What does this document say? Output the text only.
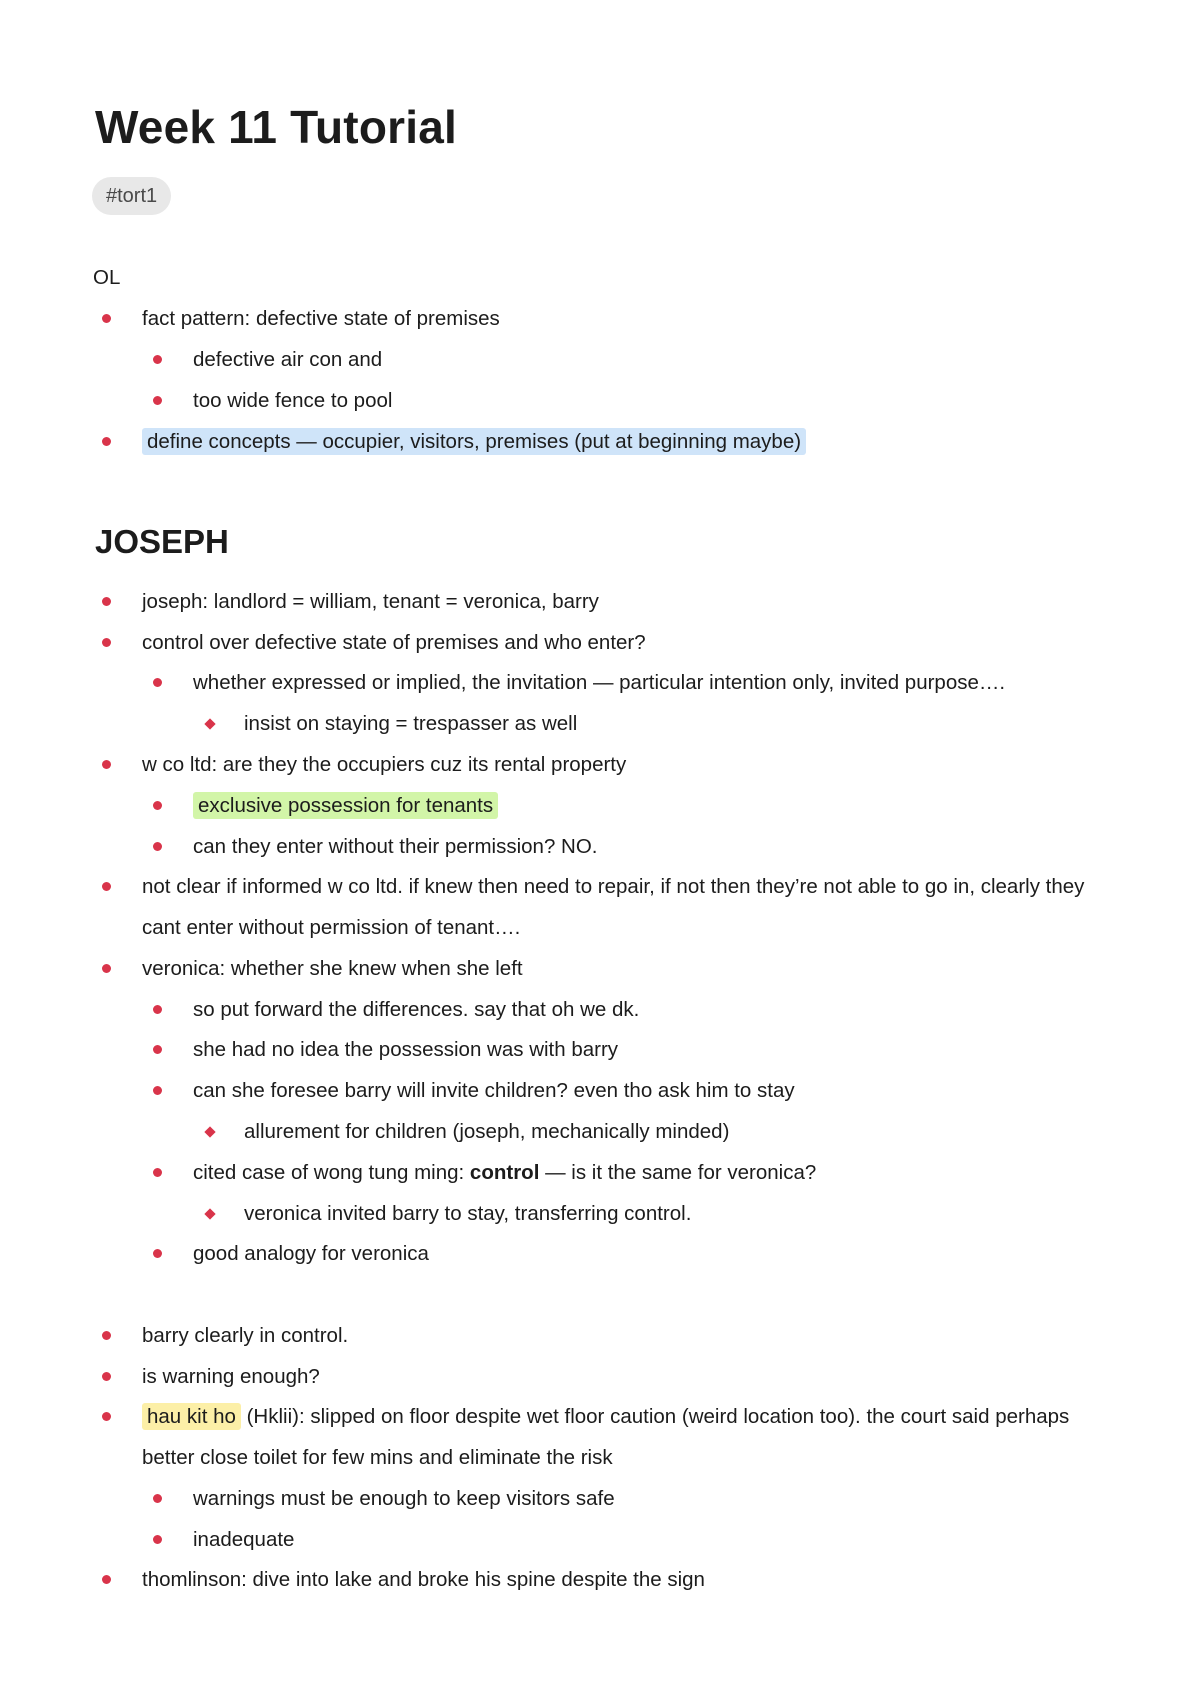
Week 11 Tutorial
#tort1
OL
fact pattern: defective state of premises
defective air con and
too wide fence to pool
define concepts — occupier, visitors, premises (put at beginning maybe)
JOSEPH
joseph: landlord = william, tenant = veronica, barry
control over defective state of premises and who enter?
whether expressed or implied, the invitation — particular intention only, invited purpose….
insist on staying = trespasser as well
w co ltd: are they the occupiers cuz its rental property
exclusive possession for tenants
can they enter without their permission? NO.
not clear if informed w co ltd. if knew then need to repair, if not then they’re not able to go in, clearly they cant enter without permission of tenant….
veronica: whether she knew when she left
so put forward the differences. say that oh we dk.
she had no idea the possession was with barry
can she foresee barry will invite children? even tho ask him to stay
allurement for children (joseph, mechanically minded)
cited case of wong tung ming: control — is it the same for veronica?
veronica invited barry to stay, transferring control.
good analogy for veronica
barry clearly in control.
is warning enough?
hau kit ho (Hklii): slipped on floor despite wet floor caution (weird location too). the court said perhaps better close toilet for few mins and eliminate the risk
warnings must be enough to keep visitors safe
inadequate
thomlinson: dive into lake and broke his spine despite the sign
